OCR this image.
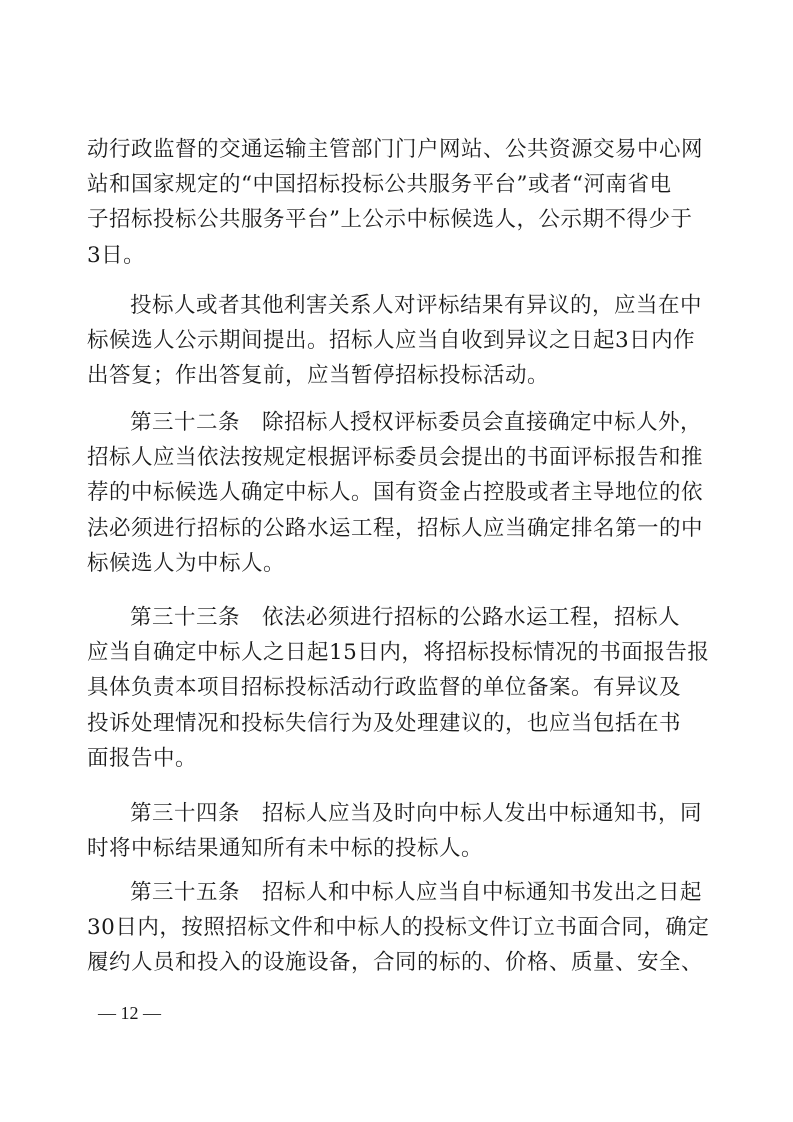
动行政监督的交通运输主管部门门户网站、公共资源交易中心网
站和国家规定的“中国招标投标公共服务平台”或者“河南省电
子招标投标公共服务平台”上公示中标候选人，公示期不得少于
3日。
投标人或者其他利害关系人对评标结果有异议的，应当在中
标候选人公示期间提出。招标人应当自收到异议之日起3日内作
出答复；作出答复前，应当暂停招标投标活动。
第三十二条　除招标人授权评标委员会直接确定中标人外，
招标人应当依法按规定根据评标委员会提出的书面评标报告和推
荐的中标候选人确定中标人。国有资金占控股或者主导地位的依
法必须进行招标的公路水运工程，招标人应当确定排名第一的中
标候选人为中标人。
第三十三条　依法必须进行招标的公路水运工程，招标人
应当自确定中标人之日起15日内，将招标投标情况的书面报告报
具体负责本项目招标投标活动行政监督的单位备案。有异议及
投诉处理情况和投标失信行为及处理建议的，也应当包括在书
面报告中。
第三十四条　招标人应当及时向中标人发出中标通知书，同
时将中标结果通知所有未中标的投标人。
第三十五条　招标人和中标人应当自中标通知书发出之日起
30日内，按照招标文件和中标人的投标文件订立书面合同，确定
履约人员和投入的设施设备，合同的标的、价格、质量、安全、
— 12 —
